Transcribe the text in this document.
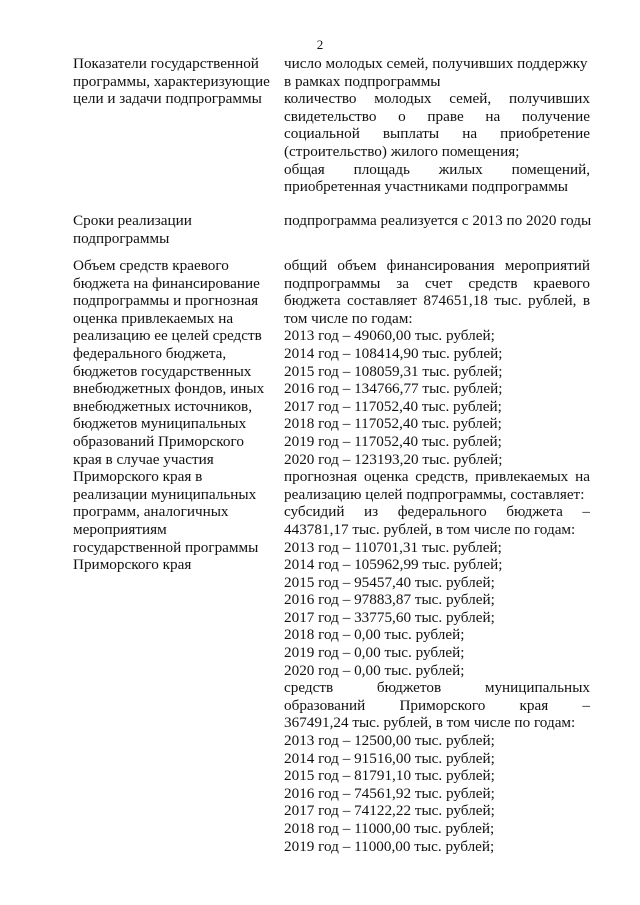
2
Показатели государственной
программы, характеризующие
цели и задачи подпрограммы
число молодых семей, получивших поддержку
в рамках подпрограммы
количество молодых семей, получивших
свидетельство о праве на получение
социальной выплаты на приобретение
(строительство) жилого помещения;
общая площадь жилых помещений,
приобретенная участниками подпрограммы
Сроки реализации
подпрограммы
подпрограмма реализуется с 2013 по 2020 годы
Объем средств краевого
бюджета на финансирование
подпрограммы и прогнозная
оценка привлекаемых на
реализацию ее целей средств
федерального бюджета,
бюджетов государственных
внебюджетных фондов, иных
внебюджетных источников,
бюджетов муниципальных
образований Приморского
края в случае участия
Приморского края в
реализации муниципальных
программ, аналогичных
мероприятиям
государственной программы
Приморского края
общий объем финансирования мероприятий
подпрограммы за счет средств краевого
бюджета составляет 874651,18 тыс. рублей, в
том числе по годам:
2013 год – 49060,00 тыс. рублей;
2014 год – 108414,90 тыс. рублей;
2015 год – 108059,31 тыс. рублей;
2016 год – 134766,77 тыс. рублей;
2017 год – 117052,40 тыс. рублей;
2018 год – 117052,40 тыс. рублей;
2019 год – 117052,40 тыс. рублей;
2020 год – 123193,20 тыс. рублей;
прогнозная оценка средств, привлекаемых на
реализацию целей подпрограммы, составляет:
субсидий из федерального бюджета –
443781,17 тыс. рублей, в том числе по годам:
2013 год – 110701,31 тыс. рублей;
2014 год – 105962,99 тыс. рублей;
2015 год – 95457,40 тыс. рублей;
2016 год – 97883,87 тыс. рублей;
2017 год – 33775,60 тыс. рублей;
2018 год – 0,00 тыс. рублей;
2019 год – 0,00 тыс. рублей;
2020 год – 0,00 тыс. рублей;
средств бюджетов муниципальных
образований Приморского края –
367491,24 тыс. рублей, в том числе по годам:
2013 год – 12500,00 тыс. рублей;
2014 год – 91516,00 тыс. рублей;
2015 год – 81791,10 тыс. рублей;
2016 год – 74561,92 тыс. рублей;
2017 год – 74122,22 тыс. рублей;
2018 год – 11000,00 тыс. рублей;
2019 год – 11000,00 тыс. рублей;
